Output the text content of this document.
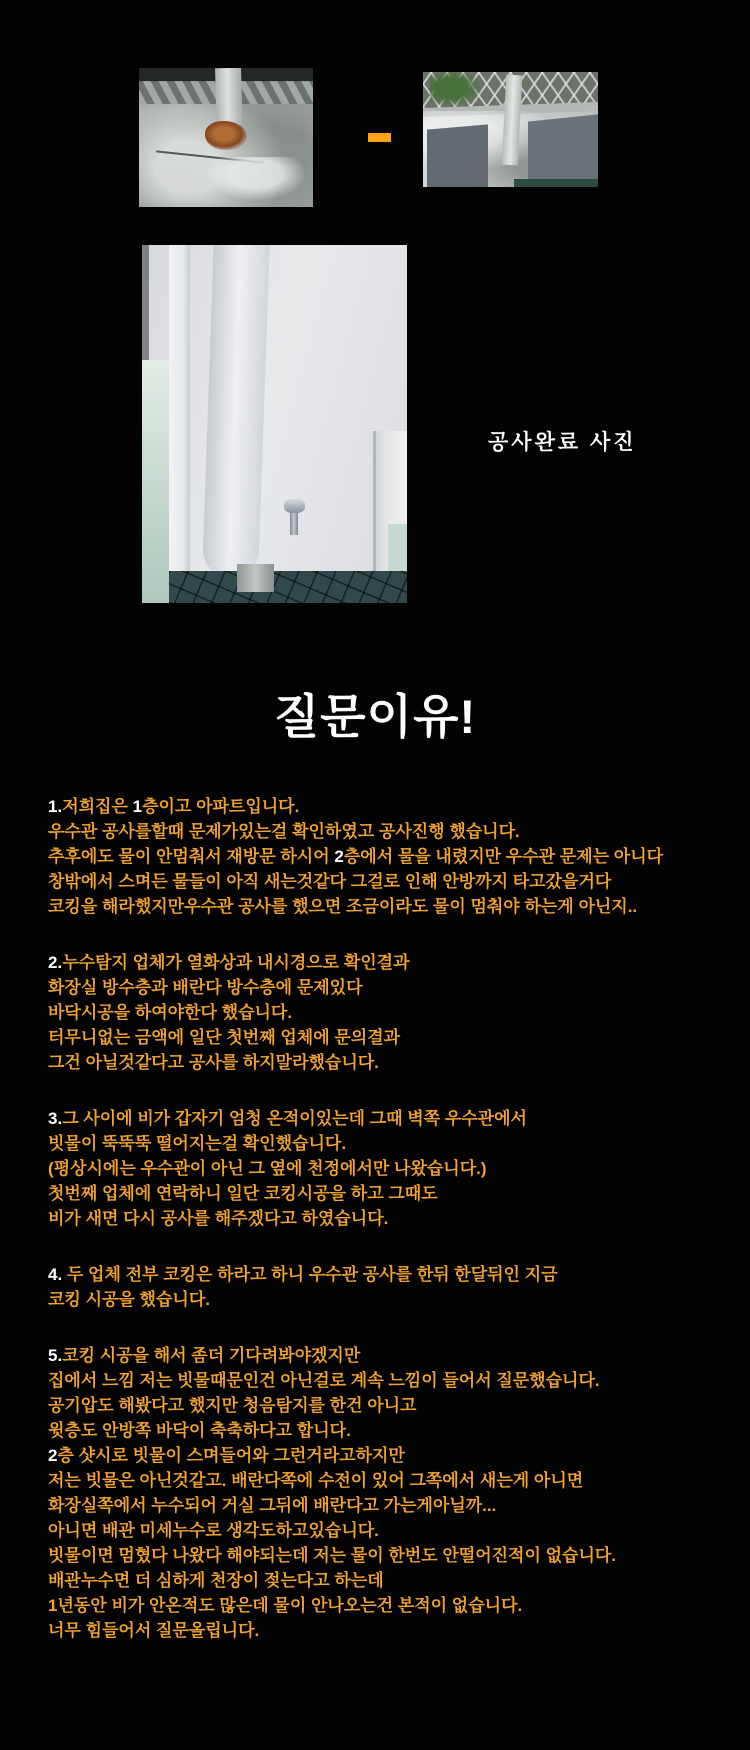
공사완료 사진
질문이유!
1.저희집은 1층이고 아파트입니다.
우수관 공사를할때 문제가있는걸 확인하였고 공사진행 했습니다.
추후에도 물이 안멈춰서 재방문 하시어 2층에서 물을 내렸지만 우수관 문제는 아니다
창밖에서 스며든 물들이 아직 새는것같다 그걸로 인해 안방까지 타고갔을거다
코킹을 해라했지만우수관 공사를 했으면 조금이라도 물이 멈춰야 하는게 아닌지..
2.누수탐지 업체가 열화상과 내시경으로 확인결과
화장실 방수층과 배란다 방수층에 문제있다
바닥시공을 하여야한다 했습니다.
터무니없는 금액에 일단 첫번째 업체에 문의결과
그건 아닐것같다고 공사를 하지말라했습니다.
3.그 사이에 비가 갑자기 엄청 온적이있는데 그때 벽쪽 우수관에서
빗물이 뚝뚝뚝 떨어지는걸 확인했습니다.
(평상시에는 우수관이 아닌 그 옆에 천정에서만 나왔습니다.)
첫번째 업체에 연락하니 일단 코킹시공을 하고 그때도
비가 새면 다시 공사를 해주겠다고 하였습니다.
4. 두 업체 전부 코킹은 하라고 하니 우수관 공사를 한뒤 한달뒤인 지금
코킹 시공을 했습니다.
5.코킹 시공을 해서 좀더 기다려봐야겠지만
집에서 느낌 저는 빗물때문인건 아닌걸로 계속 느낌이 들어서 질문했습니다.
공기압도 해봤다고 했지만 청음탐지를 한건 아니고
윗층도 안방쪽 바닥이 축축하다고 합니다.
2층 샷시로 빗물이 스며들어와 그런거라고하지만
저는 빗물은 아닌것같고. 배란다쪽에 수전이 있어 그쪽에서 새는게 아니면
화장실쪽에서 누수되어 거실 그뒤에 배란다고 가는게아닐까...
아니면 배관 미세누수로 생각도하고있습니다.
빗물이면 멈혔다 나왔다 해야되는데 저는 물이 한번도 안떨어진적이 없습니다.
배관누수면 더 심하게 천장이 젖는다고 하는데
1년동안 비가 안온적도 많은데 물이 안나오는건 본적이 없습니다.
너무 힘들어서 질문올립니다.
